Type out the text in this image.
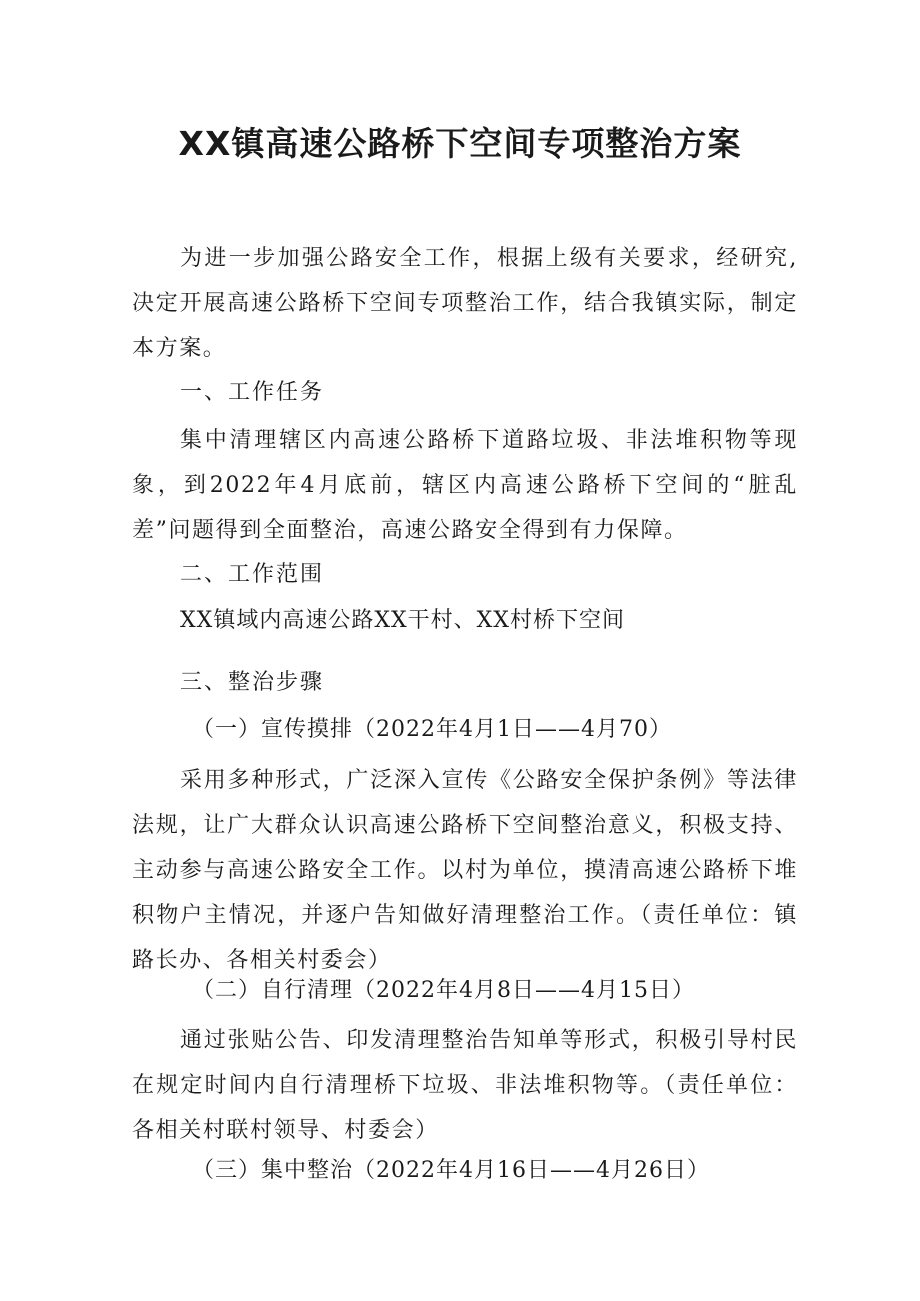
XX镇高速公路桥下空间专项整治方案

为进一步加强公路安全工作，根据上级有关要求，经研究,决定开展高速公路桥下空间专项整治工作，结合我镇实际，制定本方案。

一、工作任务

集中清理辖区内高速公路桥下道路垃圾、非法堆积物等现象，到2022年4月底前，辖区内高速公路桥下空间的“脏乱差”问题得到全面整治，高速公路安全得到有力保障。

二、工作范围

XX镇域内高速公路XX干村、XX村桥下空间

三、整治步骤

（一）宣传摸排（2022年4月1日——4月70）

采用多种形式，广泛深入宣传《公路安全保护条例》等法律法规，让广大群众认识高速公路桥下空间整治意义，积极支持、主动参与高速公路安全工作。以村为单位，摸清高速公路桥下堆积物户主情况，并逐户告知做好清理整治工作。（责任单位：镇路长办、各相关村委会）

（二）自行清理（2022年4月8日——4月15日）

通过张贴公告、印发清理整治告知单等形式，积极引导村民在规定时间内自行清理桥下垃圾、非法堆积物等。（责任单位：各相关村联村领导、村委会）

（三）集中整治（2022年4月16日——4月26日）
